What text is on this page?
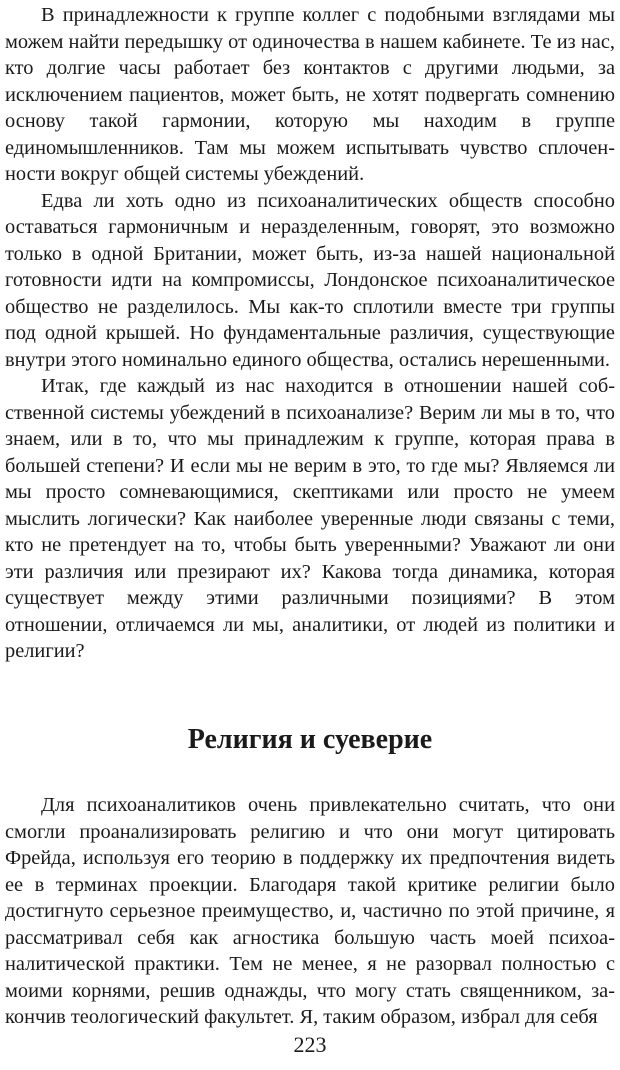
В принадлежности к группе коллег с подобными взглядами мы можем найти передышку от одиночества в нашем кабинете. Те из нас, кто долгие часы работает без контактов с другими людьми, за исключением пациентов, может быть, не хотят подвергать сомнению основу такой гармонии, которую мы находим в группе единомышленников. Там мы можем испытывать чувство сплоченности вокруг общей системы убеждений.

Едва ли хоть одно из психоаналитических обществ способно оставаться гармоничным и неразделенным, говорят, это возможно только в одной Британии, может быть, из-за нашей национальной готовности идти на компромиссы, Лондонское психоаналитическое общество не разделилось. Мы как-то сплотили вместе три группы под одной крышей. Но фундаментальные различия, существующие внутри этого номинально единого общества, остались нерешенными.

Итак, где каждый из нас находится в отношении нашей собственной системы убеждений в психоанализе? Верим ли мы в то, что знаем, или в то, что мы принадлежим к группе, которая права в большей степени? И если мы не верим в это, то где мы? Являемся ли мы просто сомневающимися, скептиками или просто не умеем мыслить логически? Как наиболее уверенные люди связаны с теми, кто не претендует на то, чтобы быть уверенными? Уважают ли они эти различия или презирают их? Какова тогда динамика, которая существует между этими различными позициями? В этом отношении, отличаемся ли мы, аналитики, от людей из политики и религии?

Религия и суеверие

Для психоаналитиков очень привлекательно считать, что они смогли проанализировать религию и что они могут цитировать Фрейда, используя его теорию в поддержку их предпочтения видеть ее в терминах проекции. Благодаря такой критике религии было достигнуто серьезное преимущество, и, частично по этой причине, я рассматривал себя как агностика большую часть моей психоаналитической практики. Тем не менее, я не разорвал полностью с моими корнями, решив однажды, что могу стать священником, закончив теологический факультет. Я, таким образом, избрал для себя

223
